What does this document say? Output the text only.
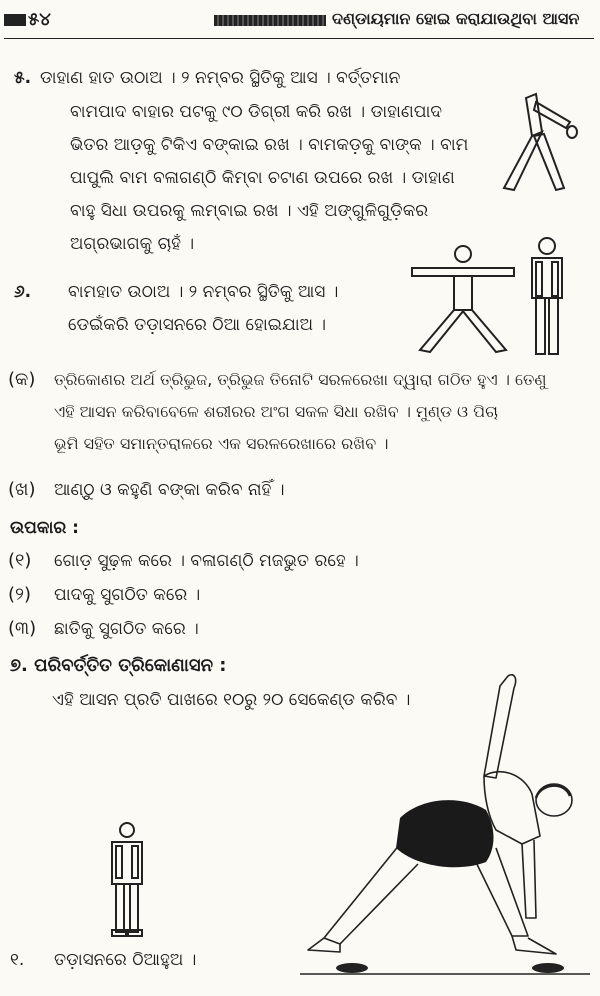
୫୪	ଦଣ୍ଡାୟମାନ ହୋଇ କରାଯାଉଥିବା ଆସନ
୫. ଡାହାଣ ହାତ ଉଠାଅ । ୨ ନମ୍ବର ସ୍ଥିତିକୁ ଆସ । ବର୍ତ୍ତମାନ
ବାମପାଦ ବାହାର ପଟକୁ ୯୦ ଡିଗ୍ରୀ କରି ରଖ । ଡାହାଣପାଦ
ଭିତର ଆଡ଼କୁ ଟିକିଏ ବଙ୍କାଇ ରଖ । ବାମକଡ଼କୁ ବାଙ୍କ । ବାମ
ପାପୁଲି ବାମ ବଳାଗଣ୍ଠି କିମ୍ବା ଚଟାଣ ଉପରେ ରଖ । ଡାହାଣ
ବାହୁ ସିଧା ଉପରକୁ ଲମ୍ବାଇ ରଖ । ଏହି ଅଙ୍ଗୁଳିଗୁଡ଼ିକର
ଅଗ୍ରଭାଗକୁ ଚାହଁ ।
୬. ବାମହାତ ଉଠାଅ । ୨ ନମ୍ବର ସ୍ଥିତିକୁ ଆସ ।
ଡେଇଁକରି ତଡ଼ାସନରେ ଠିଆ ହୋଇଯାଅ ।
(କ) ତ୍ରିକୋଣର ଅର୍ଥ ତ୍ରିଭୁଜ, ତ୍ରିଭୁଜ ତିନୋଟି ସରଳରେଖା ଦ୍ୱାରା ଗଠିତ ହୁଏ । ତେଣୁ
ଏହି ଆସନ କରିବାବେଳେ ଶରୀରର ଅଂଗ ସକଳ ସିଧା ରଖିବ । ମୁଣ୍ଡ ଓ ପିଚା
ଭୂମି ସହିତ ସମାନ୍ତରାଳରେ ଏକ ସରଳରେଖାରେ ରଖିବ ।
(ଖ) ଆଣ୍ଠୁ ଓ କହୁଣି ବଙ୍କା କରିବ ନାହିଁ ।
ଉପକାର :
(୧) ଗୋଡ଼ ସୁଢ଼ଳ କରେ । ବଳାଗଣ୍ଠି ମଜଭୁତ ରହେ ।
(୨) ପାଦକୁ ସୁଗଠିତ କରେ ।
(୩) ଛାତିକୁ ସୁଗଠିତ କରେ ।
୭. ପରିବର୍ତ୍ତିତ ତ୍ରିକୋଣାସନ :
ଏହି ଆସନ ପ୍ରତି ପାଖରେ ୧୦ରୁ ୨୦ ସେକେଣ୍ଡ କରିବ ।
୧. ତଡ଼ାସନରେ ଠିଆହୁଅ ।
